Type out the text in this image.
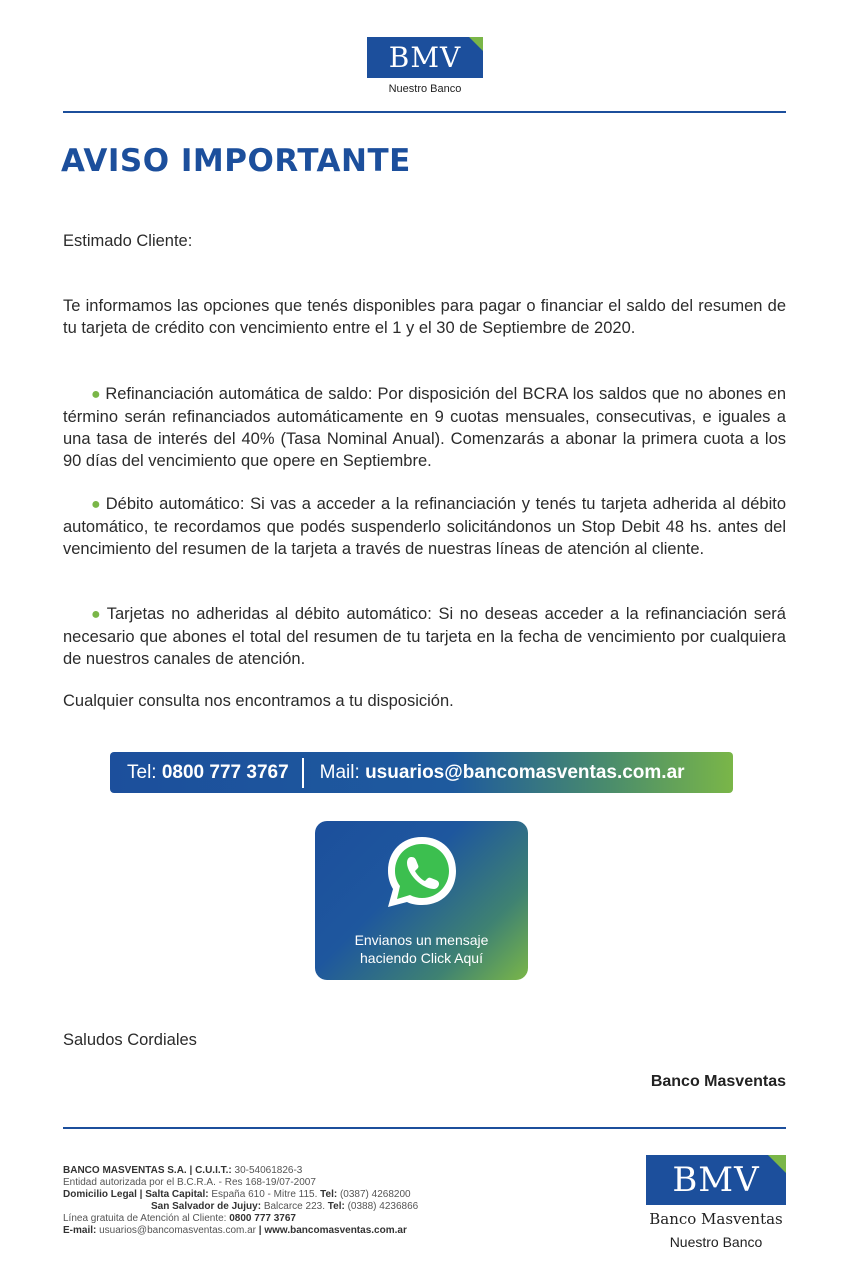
BMV
Nuestro Banco
AVISO IMPORTANTE
Estimado Cliente:
Te informamos las opciones que tenés disponibles para pagar o financiar el saldo del resumen de tu tarjeta de crédito con vencimiento entre el 1 y el 30 de Septiembre de 2020.
● Refinanciación automática de saldo: Por disposición del BCRA los saldos que no abones en término serán refinanciados automáticamente en 9 cuotas mensuales, consecutivas, e iguales a una tasa de interés del 40% (Tasa Nominal Anual). Comenzarás a abonar la primera cuota a los 90 días del vencimiento que opere en Septiembre.
● Débito automático: Si vas a acceder a la refinanciación y tenés tu tarjeta adherida al débito automático, te recordamos que podés suspenderlo solicitándonos un Stop Debit 48 hs. antes del vencimiento del resumen de la tarjeta a través de nuestras líneas de atención al cliente.
● Tarjetas no adheridas al débito automático: Si no deseas acceder a la refinanciación será necesario que abones el total del resumen de tu tarjeta en la fecha de vencimiento por cualquiera de nuestros canales de atención.
Cualquier consulta nos encontramos a tu disposición.
Tel: 0800 777 3767 Mail: usuarios@bancomasventas.com.ar
Envianos un mensaje
haciendo Click Aquí
Saludos Cordiales
Banco Masventas
BANCO MASVENTAS S.A. | C.U.I.T.: 30-54061826-3
Entidad autorizada por el B.C.R.A. - Res 168-19/07-2007
Domicilio Legal | Salta Capital: España 610 - Mitre 115. Tel: (0387) 4268200
San Salvador de Jujuy: Balcarce 223. Tel: (0388) 4236866
Línea gratuita de Atención al Cliente: 0800 777 3767
E-mail: usuarios@bancomasventas.com.ar | www.bancomasventas.com.ar
BMV
Banco Masventas
Nuestro Banco
